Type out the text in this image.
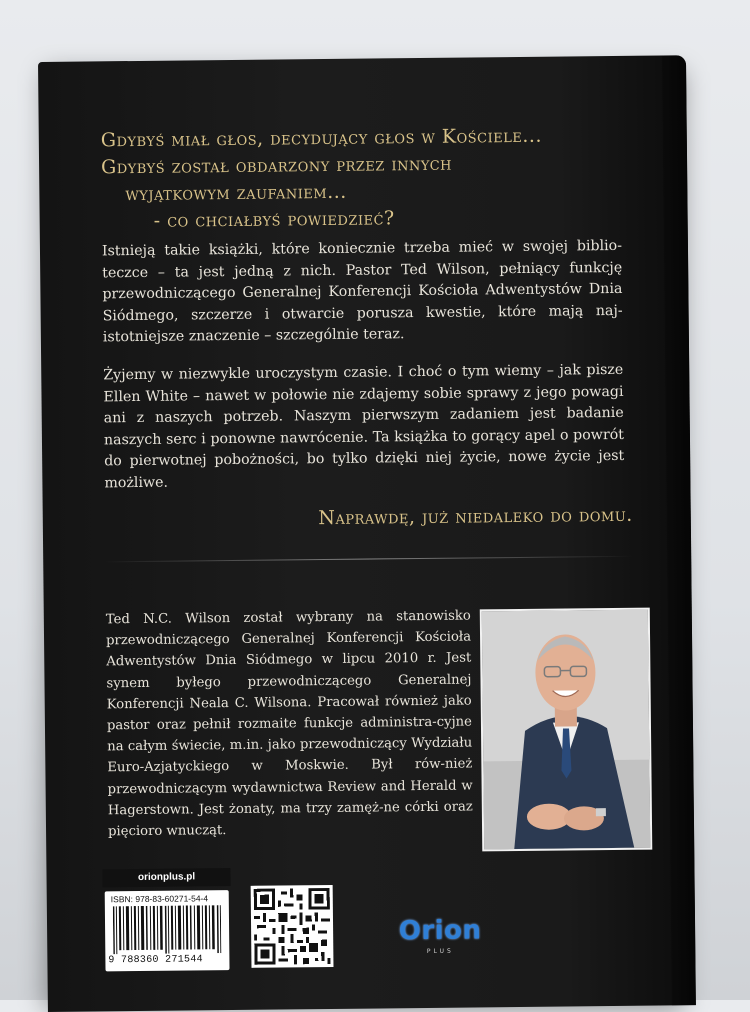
Gdybyś miał głos, decydujący głos w Kościele...
Gdybyś został obdarzony przez innych
wyjątkowym zaufaniem...
- co chciałbyś powiedzieć?
Istnieją takie książki, które koniecznie trzeba mieć w swojej biblio-teczce – ta jest jedną z nich. Pastor Ted Wilson, pełniący funkcję przewodniczącego Generalnej Konferencji Kościoła Adwentystów Dnia Siódmego, szczerze i otwarcie porusza kwestie, które mają naj-istotniejsze znaczenie – szczególnie teraz.
Żyjemy w niezwykle uroczystym czasie. I choć o tym wiemy – jak pisze Ellen White – nawet w połowie nie zdajemy sobie sprawy z jego powagi ani z naszych potrzeb. Naszym pierwszym zadaniem jest badanie naszych serc i ponowne nawrócenie. Ta książka to gorący apel o powrót do pierwotnej pobożności, bo tylko dzięki niej życie, nowe życie jest możliwe.
Naprawdę, już niedaleko do domu.
Ted N.C. Wilson został wybrany na stanowisko przewodniczącego Generalnej Konferencji Kościoła Adwentystów Dnia Siódmego w lipcu 2010 r. Jest synem byłego przewodniczącego Generalnej Konferencji Neala C. Wilsona. Pracował również jako pastor oraz pełnił rozmaite funkcje administra-cyjne na całym świecie, m.in. jako przewodniczący Wydziału Euro-Azjatyckiego w Moskwie. Był rów-nież przewodniczącym wydawnictwa Review and Herald w Hagerstown. Jest żonaty, ma trzy zamęż-ne córki oraz pięcioro wnucząt.
orionplus.pl
ISBN: 978-83-60271-54-4
9 788360 271544
Orion
PLUS
